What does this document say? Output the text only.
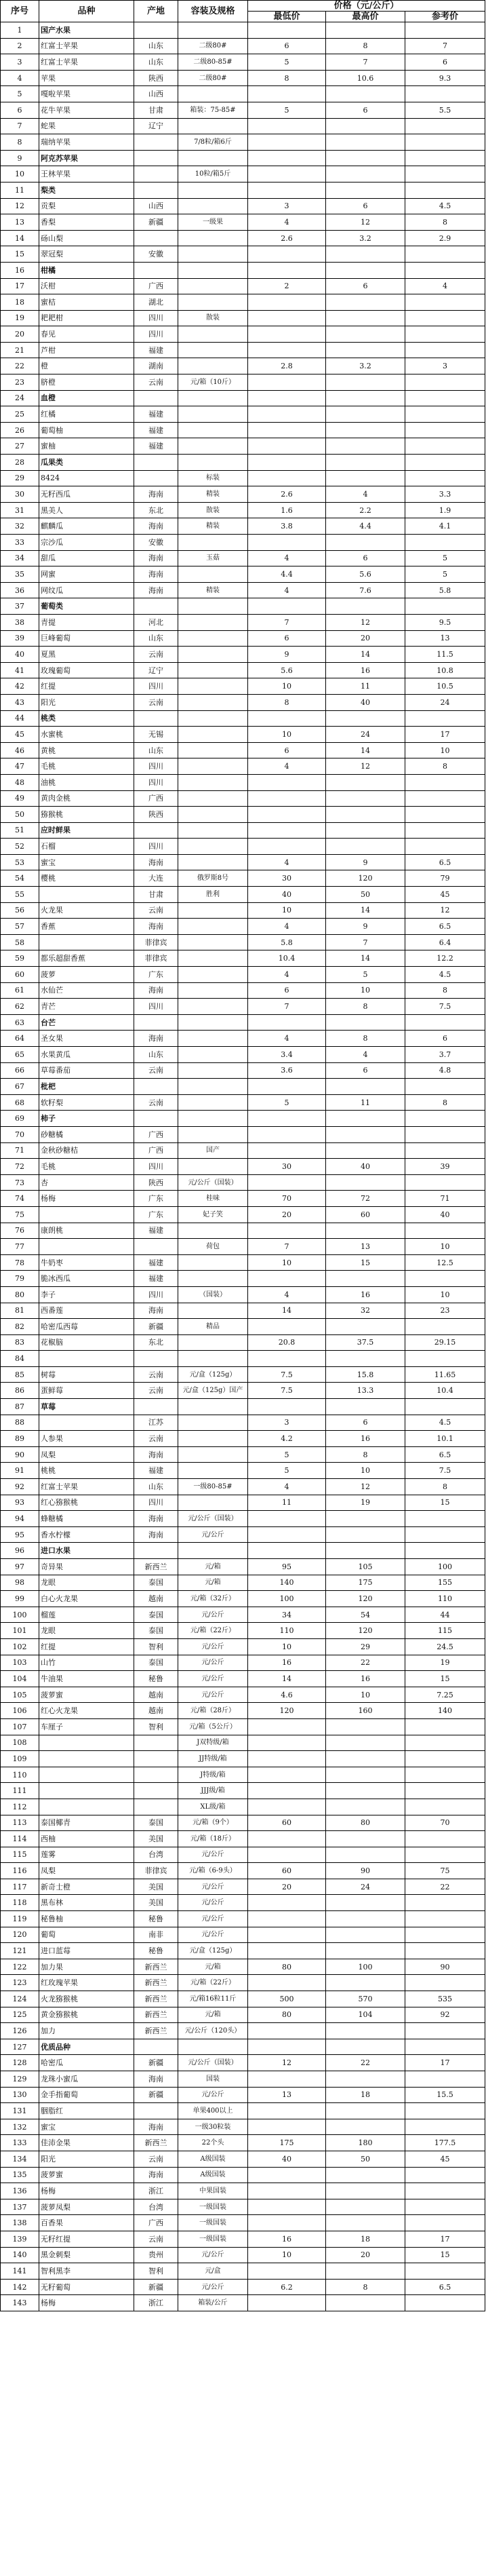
序号	品种	产地	容装及规格	价格（元/公斤）		
				最低价	最高价	参考价
1	国产水果					
2	红富士苹果	山东	二级80#	6	8	7
3	红富士苹果	山东	二级80-85#	5	7	6
4	苹果	陕西	二级80#	8	10.6	9.3
5	嘎啦苹果	山西				
6	花牛苹果	甘肃	箱装：75-85#	5	6	5.5
7	蛇果	辽宁				
8	瑞纳苹果		7/8粒/箱6斤			
9	阿克苏苹果					
10	王林苹果		10粒/箱5斤			
11	梨类					
12	贡梨	山西		3	6	4.5
13	香梨	新疆	一级果	4	12	8
14	砀山梨			2.6	3.2	2.9
15	翠冠梨	安徽				
16	柑橘					
17	沃柑	广西		2	6	4
18	蜜桔	湖北				
19	耙耙柑	四川	散装			
20	春见	四川				
21	芦柑	福建				
22	橙	湖南		2.8	3.2	3
23	脐橙	云南	元/箱（10斤）			
24	血橙					
25	红橘	福建				
26	葡萄柚	福建				
27	蜜柚	福建				
28	瓜果类					
29	8424		标装			
30	无籽西瓜	海南	精装	2.6	4	3.3
31	黑美人	东北	散装	1.6	2.2	1.9
32	麒麟瓜	海南	精装	3.8	4.4	4.1
33	宗沙瓜	安徽				
34	甜瓜	海南	玉菇	4	6	5
35	网蜜	海南		4.4	5.6	5
36	网纹瓜	海南	精装	4	7.6	5.8
37	葡萄类					
38	青提	河北		7	12	9.5
39	巨峰葡萄	山东		6	20	13
40	夏黑	云南		9	14	11.5
41	玫瑰葡萄	辽宁		5.6	16	10.8
42	红提	四川		10	11	10.5
43	阳光	云南		8	40	24
44	桃类					
45	水蜜桃	无锡		10	24	17
46	黄桃	山东		6	14	10
47	毛桃	四川		4	12	8
48	油桃	四川				
49	黄肉金桃	广西				
50	猕猴桃	陕西				
51	应时鲜果					
52	石榴	四川				
53	蜜宝	海南		4	9	6.5
54	樱桃	大连	俄罗斯8号	30	120	79
55		甘肃	胜利	40	50	45
56	火龙果	云南		10	14	12
57	香蕉	海南		4	9	6.5
58		菲律宾		5.8	7	6.4
59	都乐超甜香蕉	菲律宾		10.4	14	12.2
60	菠萝	广东		4	5	4.5
61	水仙芒	海南		6	10	8
62	青芒	四川		7	8	7.5
63	台芒					
64	圣女果	海南		4	8	6
65	水果黄瓜	山东		3.4	4	3.7
66	草莓番茄	云南		3.6	6	4.8
67	枇杷					
68	软籽梨	云南		5	11	8
69	柿子					
70	砂糖橘	广西				
71	金秋砂糖桔	广西	国产			
72	毛桃	四川		30	40	39
73	杏	陕西	元/公斤（国装）			
74	杨梅	广东	桂味	70	72	71
75		广东	妃子笑	20	60	40
76	康朗桃	福建				
77			荷包	7	13	10
78	牛奶枣	福建		10	15	12.5
79	脆冰西瓜	福建				
80	李子	四川	（国装）	4	16	10
81	西番莲	海南		14	32	23
82	哈密瓜西莓	新疆	精品			
83	花椒脑	东北		20.8	37.5	29.15
84						
85	树莓	云南	元/盒（125g）	7.5	15.8	11.65
86	蛋鲜莓	云南	元/盒（125g）国产	7.5	13.3	10.4
87	草莓					
88		江苏		3	6	4.5
89	人参果	云南		4.2	16	10.1
90	凤梨	海南		5	8	6.5
91	桃桃	福建		5	10	7.5
92	红富士苹果	山东	一级80-85#	4	12	8
93	红心猕猴桃	四川		11	19	15
94	蜂糖橘	海南	元/公斤（国装）			
95	香水柠檬	海南	元/公斤			
96	进口水果					
97	奇异果	新西兰	元/箱	95	105	100
98	龙眼	泰国	元/箱	140	175	155
99	白心火龙果	越南	元/箱（32斤）	100	120	110
100	榴莲	泰国	元/公斤	34	54	44
101	龙眼	泰国	元/箱（22斤）	110	120	115
102	红提	智利	元/公斤	10	29	24.5
103	山竹	泰国	元/公斤	16	22	19
104	牛油果	秘鲁	元/公斤	14	16	15
105	菠萝蜜	越南	元/公斤	4.6	10	7.25
106	红心火龙果	越南	元/箱（28斤）	120	160	140
107	车厘子	智利	元/箱（5公斤）			
108			J双特级/箱			
109			JJ特级/箱			
110			J特级/箱			
111			JJJ级/箱			
112			XL级/箱			
113	泰国椰青	泰国	元/箱（9个）	60	80	70
114	西柚	美国	元/箱（18斤）			
115	莲雾	台湾	元/公斤			
116	凤梨	菲律宾	元/箱（6-9头）	60	90	75
117	新奇士橙	美国	元/公斤	20	24	22
118	黑布林	美国	元/公斤			
119	秘鲁柚	秘鲁	元/公斤			
120	葡萄	南非	元/公斤			
121	进口蓝莓	秘鲁	元/盒（125g）			
122	加力果	新西兰	元/箱	80	100	90
123	红玫瑰苹果	新西兰	元/箱（22斤）			
124	火龙猕猴桃	新西兰	元/箱16粒11斤	500	570	535
125	黄金猕猴桃	新西兰	元/箱	80	104	92
126	加力	新西兰	元/公斤（120头）			
127	优质品种					
128	哈密瓜	新疆	元/公斤（国装）	12	22	17
129	龙珠小蜜瓜	海南	国装			
130	金手指葡萄	新疆	元/公斤	13	18	15.5
131	胭脂红		单果400以上			
132	蜜宝	海南	一级30粒装			
133	佳沛金果	新西兰	22个头	175	180	177.5
134	阳光	云南	A级国装	40	50	45
135	菠萝蜜	海南	A级国装			
136	杨梅	浙江	中果国装			
137	菠萝凤梨	台湾	一级国装			
138	百香果	广西	一级国装			
139	无籽红提	云南	一级国装	16	18	17
140	黑金刺梨	贵州	元/公斤	10	20	15
141	智利黑李	智利	元/盒			
142	无籽葡萄	新疆	元/公斤	6.2	8	6.5
143	杨梅	浙江	箱装/公斤			
